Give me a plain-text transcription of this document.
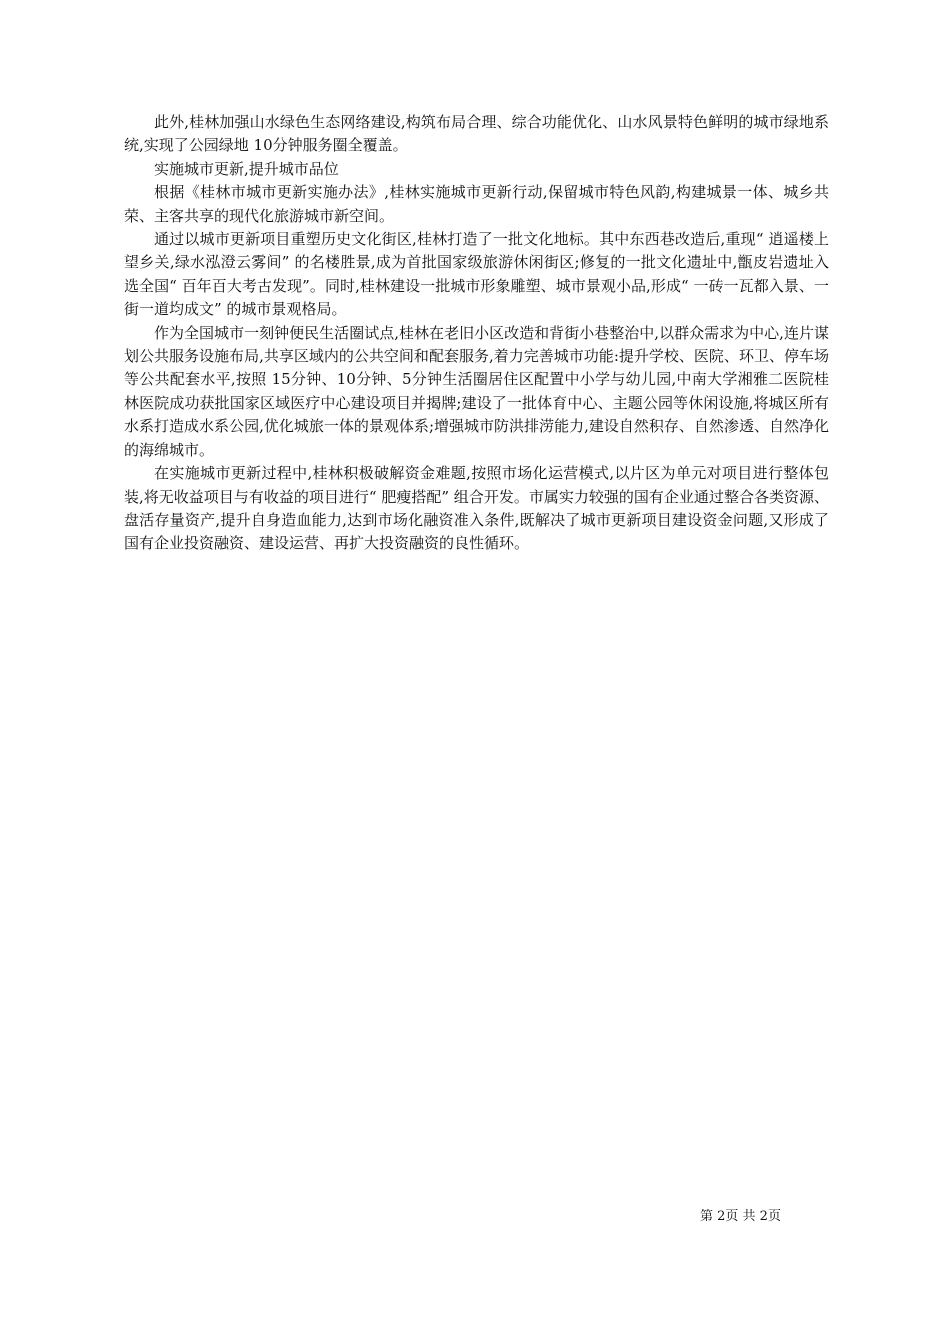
此外,桂林加强山水绿色生态网络建设,构筑布局合理、综合功能优化、山水风景特色鲜明的城市绿地系统,实现了公园绿地 10分钟服务圈全覆盖。

实施城市更新,提升城市品位

根据《桂林市城市更新实施办法》,桂林实施城市更新行动,保留城市特色风韵,构建城景一体、城乡共荣、主客共享的现代化旅游城市新空间。

通过以城市更新项目重塑历史文化街区,桂林打造了一批文化地标。其中东西巷改造后,重现“ 逍遥楼上望乡关,绿水泓澄云雾间” 的名楼胜景,成为首批国家级旅游休闲街区;修复的一批文化遗址中,甑皮岩遗址入选全国“ 百年百大考古发现”。同时,桂林建设一批城市形象雕塑、城市景观小品,形成“ 一砖一瓦都入景、一街一道均成文” 的城市景观格局。

作为全国城市一刻钟便民生活圈试点,桂林在老旧小区改造和背街小巷整治中,以群众需求为中心,连片谋划公共服务设施布局,共享区域内的公共空间和配套服务,着力完善城市功能:提升学校、医院、环卫、停车场等公共配套水平,按照 15分钟、10分钟、5分钟生活圈居住区配置中小学与幼儿园,中南大学湘雅二医院桂林医院成功获批国家区域医疗中心建设项目并揭牌;建设了一批体育中心、主题公园等休闲设施,将城区所有水系打造成水系公园,优化城旅一体的景观体系;增强城市防洪排涝能力,建设自然积存、自然渗透、自然净化的海绵城市。

在实施城市更新过程中,桂林积极破解资金难题,按照市场化运营模式,以片区为单元对项目进行整体包装,将无收益项目与有收益的项目进行“ 肥瘦搭配” 组合开发。市属实力较强的国有企业通过整合各类资源、盘活存量资产,提升自身造血能力,达到市场化融资准入条件,既解决了城市更新项目建设资金问题,又形成了国有企业投资融资、建设运营、再扩大投资融资的良性循环。

第 2页 共 2页
